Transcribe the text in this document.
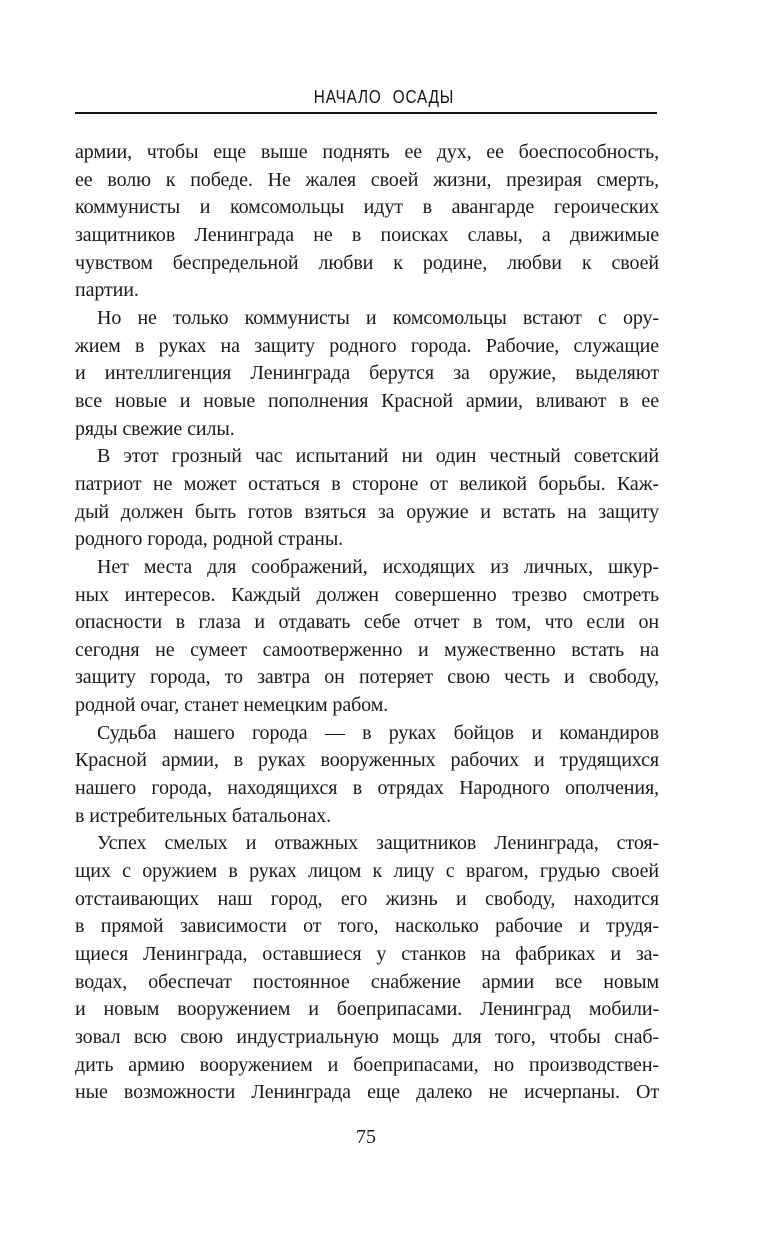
НАЧАЛО ОСАДЫ
армии, чтобы еще выше поднять ее дух, ее боеспособность,
ее волю к победе. Не жалея своей жизни, презирая смерть,
коммунисты и комсомольцы идут в авангарде героических
защитников Ленинграда не в поисках славы, а движимые
чувством беспредельной любви к родине, любви к своей
партии.
Но не только коммунисты и комсомольцы встают с ору-
жием в руках на защиту родного города. Рабочие, служащие
и интеллигенция Ленинграда берутся за оружие, выделяют
все новые и новые пополнения Красной армии, вливают в ее
ряды свежие силы.
В этот грозный час испытаний ни один честный советский
патриот не может остаться в стороне от великой борьбы. Каж-
дый должен быть готов взяться за оружие и встать на защиту
родного города, родной страны.
Нет места для соображений, исходящих из личных, шкур-
ных интересов. Каждый должен совершенно трезво смотреть
опасности в глаза и отдавать себе отчет в том, что если он
сегодня не сумеет самоотверженно и мужественно встать на
защиту города, то завтра он потеряет свою честь и свободу,
родной очаг, станет немецким рабом.
Судьба нашего города — в руках бойцов и командиров
Красной армии, в руках вооруженных рабочих и трудящихся
нашего города, находящихся в отрядах Народного ополчения,
в истребительных батальонах.
Успех смелых и отважных защитников Ленинграда, стоя-
щих с оружием в руках лицом к лицу с врагом, грудью своей
отстаивающих наш город, его жизнь и свободу, находится
в прямой зависимости от того, насколько рабочие и трудя-
щиеся Ленинграда, оставшиеся у станков на фабриках и за-
водах, обеспечат постоянное снабжение армии все новым
и новым вооружением и боеприпасами. Ленинград мобили-
зовал всю свою индустриальную мощь для того, чтобы снаб-
дить армию вооружением и боеприпасами, но производствен-
ные возможности Ленинграда еще далеко не исчерпаны. От
75
